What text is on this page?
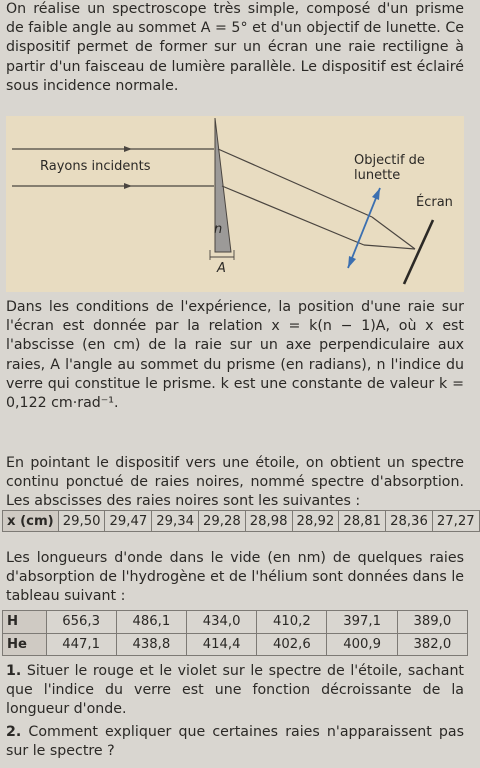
On réalise un spectroscope très simple, composé d'un prisme de faible angle au sommet A = 5° et d'un objectif de lunette. Ce dispositif permet de former sur un écran une raie rectiligne à partir d'un faisceau de lumière parallèle. Le dispositif est éclairé sous incidence normale.

Rayons incidents	Objectif de lunette
Écran
n
A

Dans les conditions de l'expérience, la position d'une raie sur l'écran est donnée par la relation x = k(n − 1)A, où x est l'abscisse (en cm) de la raie sur un axe perpendiculaire aux raies, A l'angle au sommet du prisme (en radians), n l'indice du verre qui constitue le prisme. k est une constante de valeur k = 0,122 cm·rad⁻¹.

En pointant le dispositif vers une étoile, on obtient un spectre continu ponctué de raies noires, nommé spectre d'absorption. Les abscisses des raies noires sont les suivantes :

x (cm)	29,50	29,47	29,34	29,28	28,98	28,92	28,81	28,36	27,27

Les longueurs d'onde dans le vide (en nm) de quelques raies d'absorption de l'hydrogène et de l'hélium sont données dans le tableau suivant :

H	656,3	486,1	434,0	410,2	397,1	389,0
He	447,1	438,8	414,4	402,6	400,9	382,0

1. Situer le rouge et le violet sur le spectre de l'étoile, sachant que l'indice du verre est une fonction décroissante de la longueur d'onde.

2. Comment expliquer que certaines raies n'apparaissent pas sur le spectre ?
